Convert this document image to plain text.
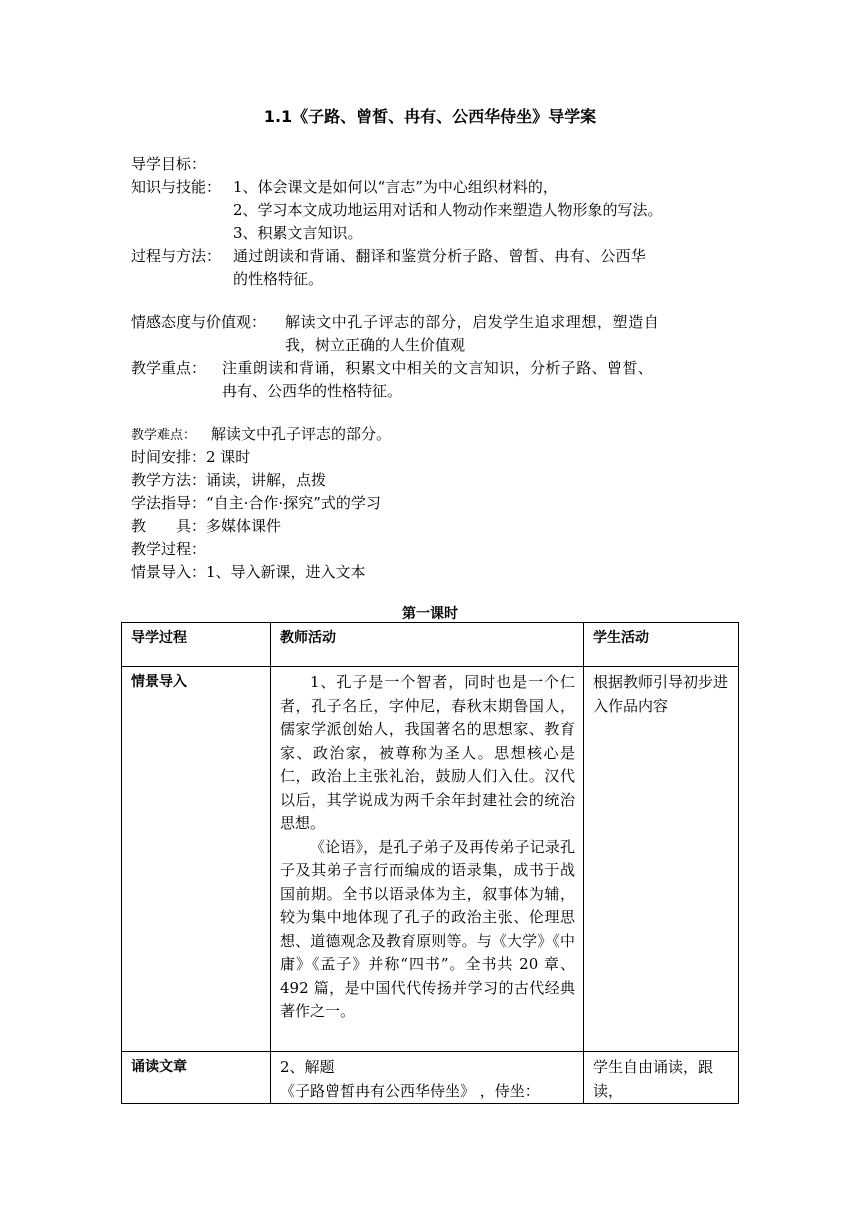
1.1《子路、曾皙、冉有、公西华侍坐》导学案
导学目标：
知识与技能： 1、体会课文是如何以“言志”为中心组织材料的，
2、学习本文成功地运用对话和人物动作来塑造人物形象的写法。
3、积累文言知识。
过程与方法： 通过朗读和背诵、翻译和鉴赏分析子路、曾皙、冉有、公西华
的性格特征。
情感态度与价值观： 解读文中孔子评志的部分，启发学生追求理想，塑造自
我，树立正确的人生价值观
教学重点： 注重朗读和背诵，积累文中相关的文言知识，分析子路、曾皙、
冉有、公西华的性格特征。
教学难点： 解读文中孔子评志的部分。
时间安排：2 课时
教学方法：诵读，讲解，点拨
学法指导：“自主·合作·探究”式的学习
教　　具：多媒体课件
教学过程：
情景导入：1、导入新课，进入文本
第一课时
导学过程	教师活动	学生活动
情景导入	1、孔子是一个智者，同时也是一个仁者，孔子名丘，字仲尼，春秋末期鲁国人，儒家学派创始人，我国著名的思想家、教育家、政治家，被尊称为圣人。思想核心是仁，政治上主张礼治，鼓励人们入仕。汉代以后，其学说成为两千余年封建社会的统治思想。

《论语》，是孔子弟子及再传弟子记录孔子及其弟子言行而编成的语录集，成书于战国前期。全书以语录体为主，叙事体为辅，较为集中地体现了孔子的政治主张、伦理思想、道德观念及教育原则等。与《大学》《中庸》《孟子》并称“四书”。全书共 20 章、492 篇，是中国代代传扬并学习的古代经典著作之一。	根据教师引导初步进入作品内容
诵读文章	2、解题
《子路曾皙冉有公西华侍坐》 ，侍坐：	学生自由诵读，跟读，
